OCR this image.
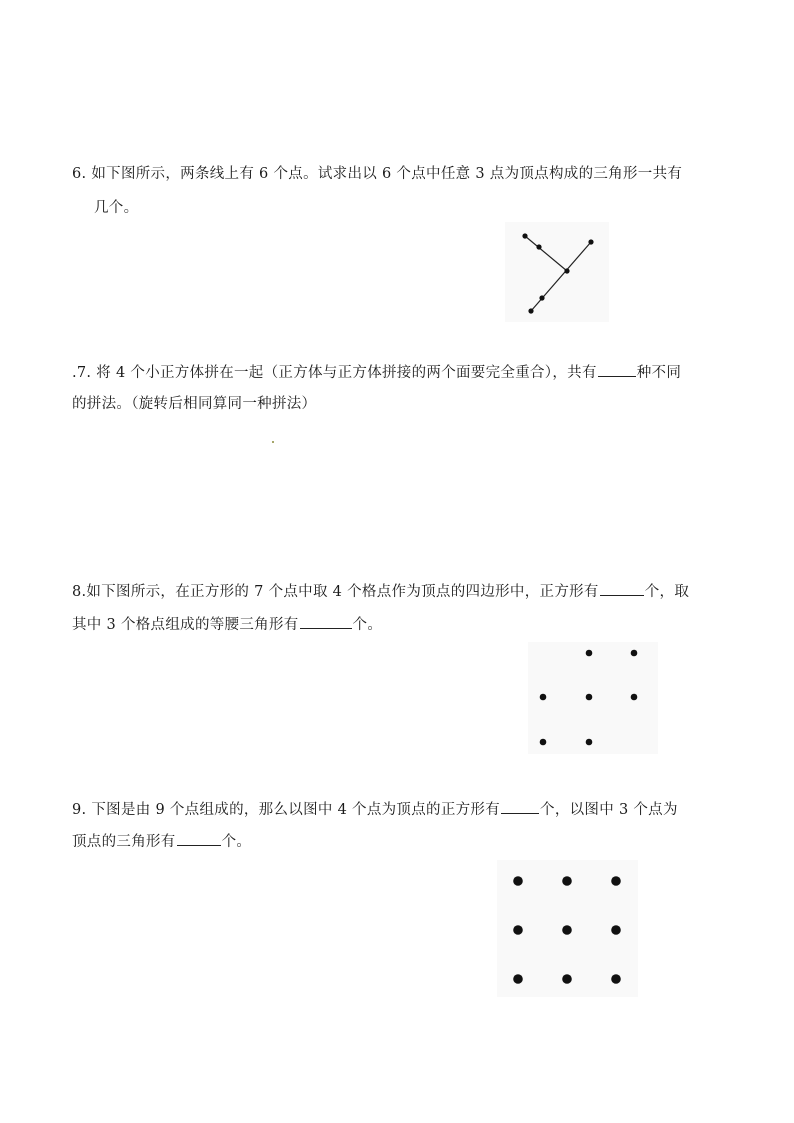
6. 如下图所示，两条线上有 6 个点。试求出以 6 个点中任意 3 点为顶点构成的三角形一共有
几个。
.7. 将 4 个小正方体拼在一起（正方体与正方体拼接的两个面要完全重合），共有	种不同
的拼法。（旋转后相同算同一种拼法）
8.如下图所示，在正方形的 7 个点中取 4 个格点作为顶点的四边形中，正方形有	个，取
其中 3 个格点组成的等腰三角形有	个。
9. 下图是由 9 个点组成的，那么以图中 4 个点为顶点的正方形有	个，以图中 3 个点为
顶点的三角形有	个。
